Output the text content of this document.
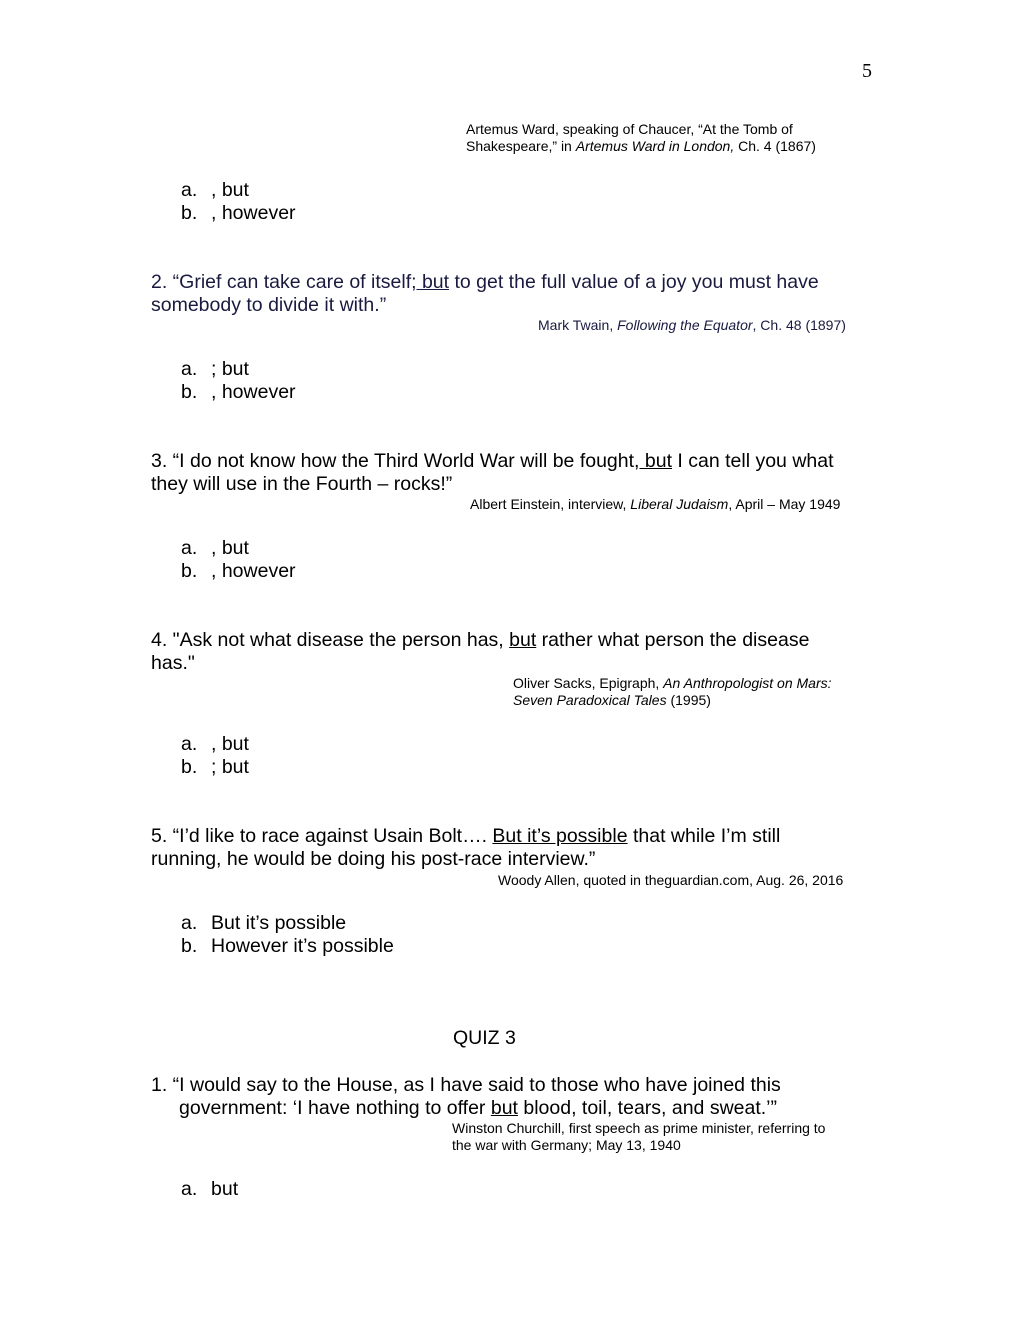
5
Artemus Ward, speaking of Chaucer, “At the Tomb of
Shakespeare,” in Artemus Ward in London, Ch. 4 (1867)
a. , but
b. , however
2. “Grief can take care of itself; but to get the full value of a joy you must have
somebody to divide it with.”
Mark Twain, Following the Equator, Ch. 48 (1897)
a. ; but
b. , however
3. “I do not know how the Third World War will be fought, but I can tell you what
they will use in the Fourth – rocks!”
Albert Einstein, interview, Liberal Judaism, April – May 1949
a. , but
b. , however
4. "Ask not what disease the person has, but rather what person the disease
has."
Oliver Sacks, Epigraph, An Anthropologist on Mars:
Seven Paradoxical Tales (1995)
a. , but
b. ; but
5. “I’d like to race against Usain Bolt…. But it’s possible that while I’m still
running, he would be doing his post-race interview.”
Woody Allen, quoted in theguardian.com, Aug. 26, 2016
a. But it’s possible
b. However it’s possible
QUIZ 3
1. “I would say to the House, as I have said to those who have joined this
government: ‘I have nothing to offer but blood, toil, tears, and sweat.’”
Winston Churchill, first speech as prime minister, referring to
the war with Germany; May 13, 1940
a. but
